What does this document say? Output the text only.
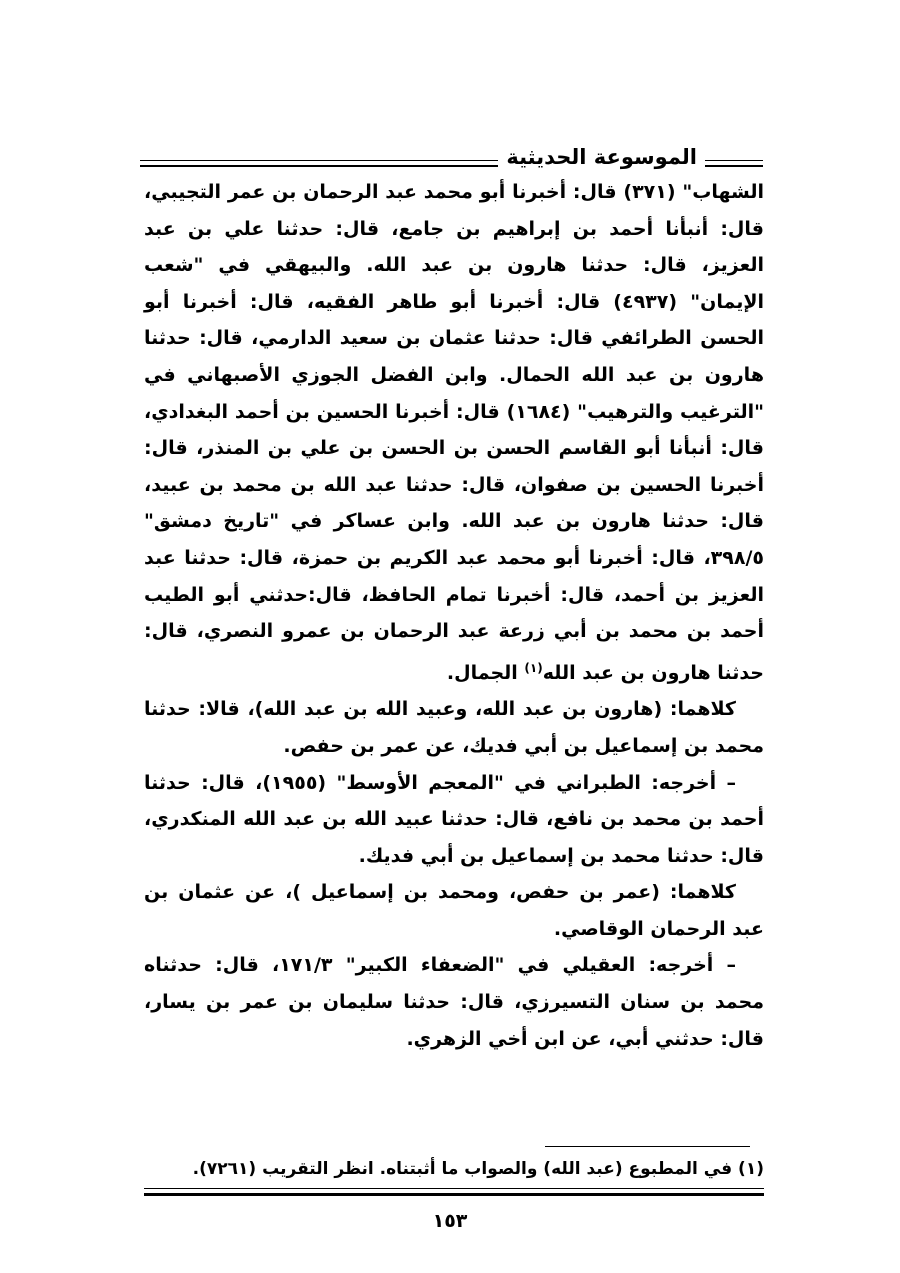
الموسوعة الحديثية

الشهاب" (٣٧١) قال: أخبرنا أبو محمد عبد الرحمان بن عمر التجيبي، قال: أنبأنا أحمد بن إبراهيم بن جامع، قال: حدثنا علي بن عبد العزيز، قال: حدثنا هارون بن عبد الله. والبيهقي في "شعب الإيمان" (٤٩٣٧) قال: أخبرنا أبو طاهر الفقيه، قال: أخبرنا أبو الحسن الطرائفي قال: حدثنا عثمان بن سعيد الدارمي، قال: حدثنا هارون بن عبد الله الحمال. وابن الفضل الجوزي الأصبهاني في "الترغيب والترهيب" (١٦٨٤) قال: أخبرنا الحسين بن أحمد البغدادي، قال: أنبأنا أبو القاسم الحسن بن الحسن بن علي بن المنذر، قال: أخبرنا الحسين بن صفوان، قال: حدثنا عبد الله بن محمد بن عبيد، قال: حدثنا هارون بن عبد الله. وابن عساكر في "تاريخ دمشق" ٣٩٨/٥، قال: أخبرنا أبو محمد عبد الكريم بن حمزة، قال: حدثنا عبد العزيز بن أحمد، قال: أخبرنا تمام الحافظ، قال:حدثني أبو الطيب أحمد بن محمد بن أبي زرعة عبد الرحمان بن عمرو النصري، قال: حدثنا هارون بن عبد الله$^{(١)}$ الجمال.

كلاهما: (هارون بن عبد الله، وعبيد الله بن عبد الله)، قالا: حدثنا محمد بن إسماعيل بن أبي فديك، عن عمر بن حفص.

– أخرجه: الطبراني في "المعجم الأوسط" (١٩٥٥)، قال: حدثنا أحمد بن محمد بن نافع، قال: حدثنا عبيد الله بن عبد الله المنكدري، قال: حدثنا محمد بن إسماعيل بن أبي فديك.

كلاهما: (عمر بن حفص، ومحمد بن إسماعيل )، عن عثمان بن عبد الرحمان الوقاصي.

– أخرجه: العقيلي في "الضعفاء الكبير" ١٧١/٣، قال: حدثناه محمد بن سنان التسيرزي، قال: حدثنا سليمان بن عمر بن يسار، قال: حدثني أبي، عن ابن أخي الزهري.

(١) في المطبوع (عبد الله) والصواب ما أثبتناه. انظر التقريب (٧٢٦١).
١٥٣
